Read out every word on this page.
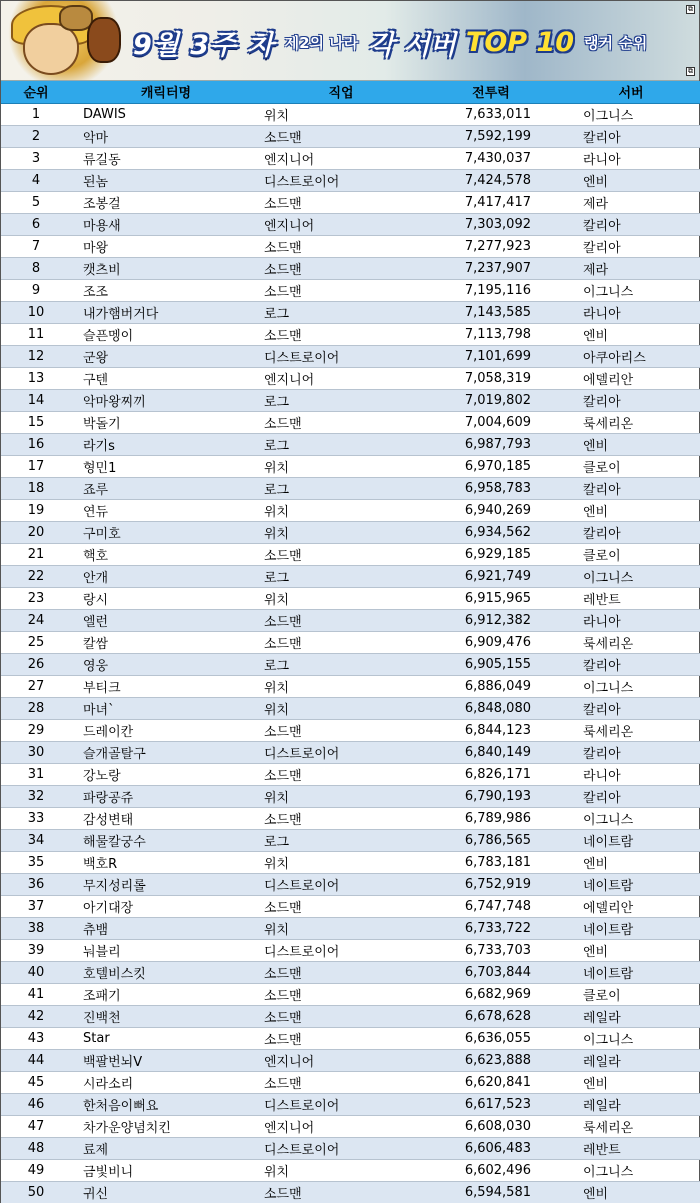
9월 3주 차 제2의 나라 각 서버 TOP 10 랭커 순위
⧉
⧉
순위	캐릭터명	직업	전투력	서버
1	DAWIS	위치	7,633,011	이그니스
2	악마	소드맨	7,592,199	칼리아
3	류길동	엔지니어	7,430,037	라니아
4	된놈	디스트로이어	7,424,578	엔비
5	조봉걸	소드맨	7,417,417	제라
6	마용새	엔지니어	7,303,092	칼리아
7	마왕	소드맨	7,277,923	칼리아
8	캣츠비	소드맨	7,237,907	제라
9	조조	소드맨	7,195,116	이그니스
10	내가햄버거다	로그	7,143,585	라니아
11	슬픈멩이	소드맨	7,113,798	엔비
12	군왕	디스트로이어	7,101,699	아쿠아리스
13	구텐	엔지니어	7,058,319	에델리안
14	악마왕찌끼	로그	7,019,802	칼리아
15	박돌기	소드맨	7,004,609	룩세리온
16	라기s	로그	6,987,793	엔비
17	형민1	위치	6,970,185	클로이
18	죠루	로그	6,958,783	칼리아
19	연듀	위치	6,940,269	엔비
20	구미호	위치	6,934,562	칼리아
21	핵호	소드맨	6,929,185	클로이
22	안개	로그	6,921,749	이그니스
23	랑시	위치	6,915,965	레반트
24	엘런	소드맨	6,912,382	라니아
25	칼쌈	소드맨	6,909,476	룩세리온
26	영웅	로그	6,905,155	칼리아
27	부티크	위치	6,886,049	이그니스
28	마녀`	위치	6,848,080	칼리아
29	드레이칸	소드맨	6,844,123	룩세리온
30	슬개골탈구	디스트로이어	6,840,149	칼리아
31	강노랑	소드맨	6,826,171	라니아
32	파랑공쥬	위치	6,790,193	칼리아
33	감성변태	소드맨	6,789,986	이그니스
34	해물칼궁수	로그	6,786,565	네이트람
35	백호R	위치	6,783,181	엔비
36	무지성리롤	디스트로이어	6,752,919	네이트람
37	아기대장	소드맨	6,747,748	에델리안
38	츄뱀	위치	6,733,722	네이트람
39	눠블리	디스트로이어	6,733,703	엔비
40	호텔비스킷	소드맨	6,703,844	네이트람
41	조패기	소드맨	6,682,969	클로이
42	진백천	소드맨	6,678,628	레일라
43	Star	소드맨	6,636,055	이그니스
44	백팔번뇌V	엔지니어	6,623,888	레일라
45	시라소리	소드맨	6,620,841	엔비
46	한처음이뻐요	디스트로이어	6,617,523	레일라
47	차가운양념치킨	엔지니어	6,608,030	룩세리온
48	료제	디스트로이어	6,606,483	레반트
49	금빛비니	위치	6,602,496	이그니스
50	귀신	소드맨	6,594,581	엔비
